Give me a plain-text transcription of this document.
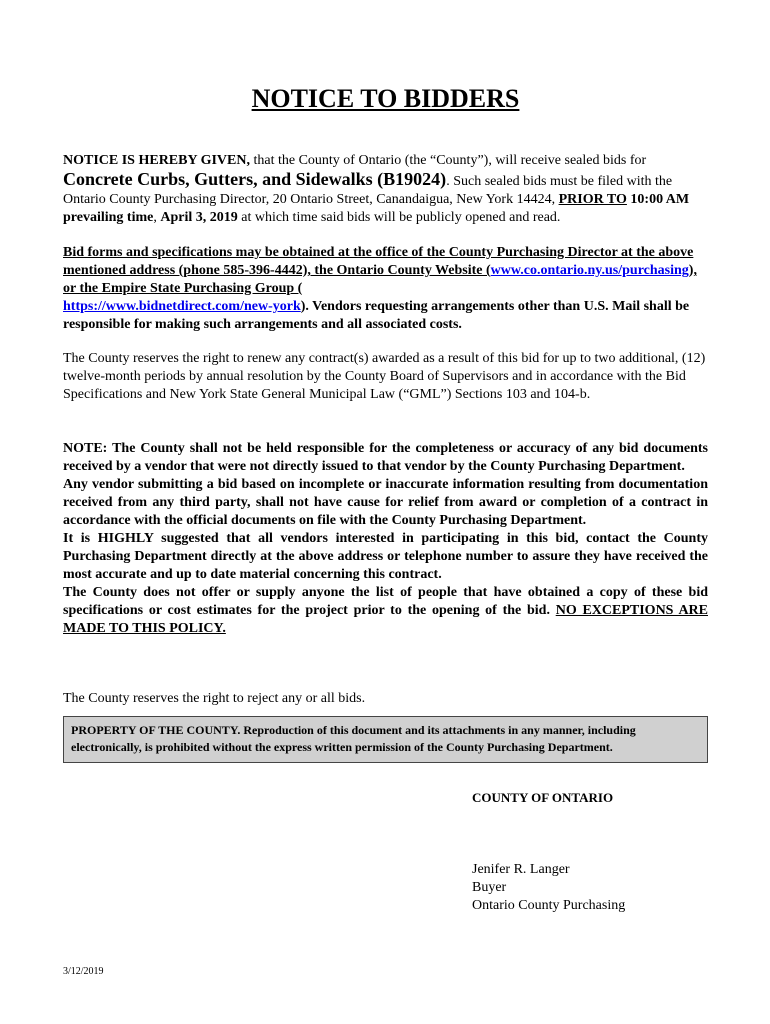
NOTICE TO BIDDERS

NOTICE IS HEREBY GIVEN, that the County of Ontario (the “County”), will receive sealed bids for Concrete Curbs, Gutters, and Sidewalks (B19024). Such sealed bids must be filed with the Ontario County Purchasing Director, 20 Ontario Street, Canandaigua, New York 14424, PRIOR TO 10:00 AM prevailing time, April 3, 2019 at which time said bids will be publicly opened and read.

Bid forms and specifications may be obtained at the office of the County Purchasing Director at the above mentioned address (phone 585-396-4442), the Ontario County Website (www.co.ontario.ny.us/purchasing), or the Empire State Purchasing Group (
https://www.bidnetdirect.com/new-york). Vendors requesting arrangements other than U.S. Mail shall be responsible for making such arrangements and all associated costs.

The County reserves the right to renew any contract(s) awarded as a result of this bid for up to two additional, (12) twelve-month periods by annual resolution by the County Board of Supervisors and in accordance with the Bid Specifications and New York State General Municipal Law (“GML”) Sections 103 and 104-b.

NOTE: The County shall not be held responsible for the completeness or accuracy of any bid documents received by a vendor that were not directly issued to that vendor by the County Purchasing Department.

Any vendor submitting a bid based on incomplete or inaccurate information resulting from documentation received from any third party, shall not have cause for relief from award or completion of a contract in accordance with the official documents on file with the County Purchasing Department.

It is HIGHLY suggested that all vendors interested in participating in this bid, contact the County Purchasing Department directly at the above address or telephone number to assure they have received the most accurate and up to date material concerning this contract.

The County does not offer or supply anyone the list of people that have obtained a copy of these bid specifications or cost estimates for the project prior to the opening of the bid. NO EXCEPTIONS ARE MADE TO THIS POLICY.

The County reserves the right to reject any or all bids.

PROPERTY OF THE COUNTY. Reproduction of this document and its attachments in any manner, including electronically, is prohibited without the express written permission of the County Purchasing Department.
COUNTY OF ONTARIO
Jenifer R. Langer
Buyer
Ontario County Purchasing
3/12/2019
